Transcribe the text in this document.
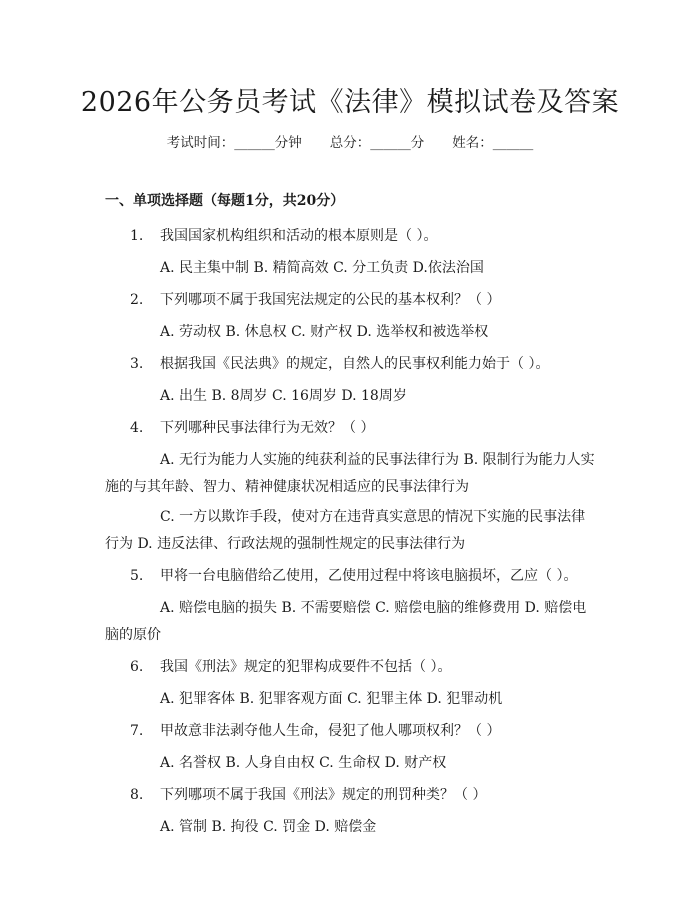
2026年公务员考试《法律》模拟试卷及答案
考试时间：______分钟 总分：______分 姓名：______
一、单项选择题（每题1分，共20分）

1. 我国国家机构组织和活动的根本原则是（ ）。

A. 民主集中制 B. 精简高效 C. 分工负责 D.依法治国

2. 下列哪项不属于我国宪法规定的公民的基本权利？（ ）

A. 劳动权 B. 休息权 C. 财产权 D. 选举权和被选举权

3. 根据我国《民法典》的规定，自然人的民事权利能力始于（ ）。

A. 出生 B. 8周岁 C. 16周岁 D. 18周岁

4. 下列哪种民事法律行为无效？（ ）

A. 无行为能力人实施的纯获利益的民事法律行为 B. 限制行为能力人实施的与其年龄、智力、精神健康状况相适应的民事法律行为

C. 一方以欺诈手段，使对方在违背真实意思的情况下实施的民事法律行为 D. 违反法律、行政法规的强制性规定的民事法律行为

5. 甲将一台电脑借给乙使用，乙使用过程中将该电脑损坏，乙应（ ）。

A. 赔偿电脑的损失 B. 不需要赔偿 C. 赔偿电脑的维修费用 D. 赔偿电脑的原价

6. 我国《刑法》规定的犯罪构成要件不包括（ ）。

A. 犯罪客体 B. 犯罪客观方面 C. 犯罪主体 D. 犯罪动机

7. 甲故意非法剥夺他人生命，侵犯了他人哪项权利？（ ）

A. 名誉权 B. 人身自由权 C. 生命权 D. 财产权

8. 下列哪项不属于我国《刑法》规定的刑罚种类？（ ）

A. 管制 B. 拘役 C. 罚金 D. 赔偿金
